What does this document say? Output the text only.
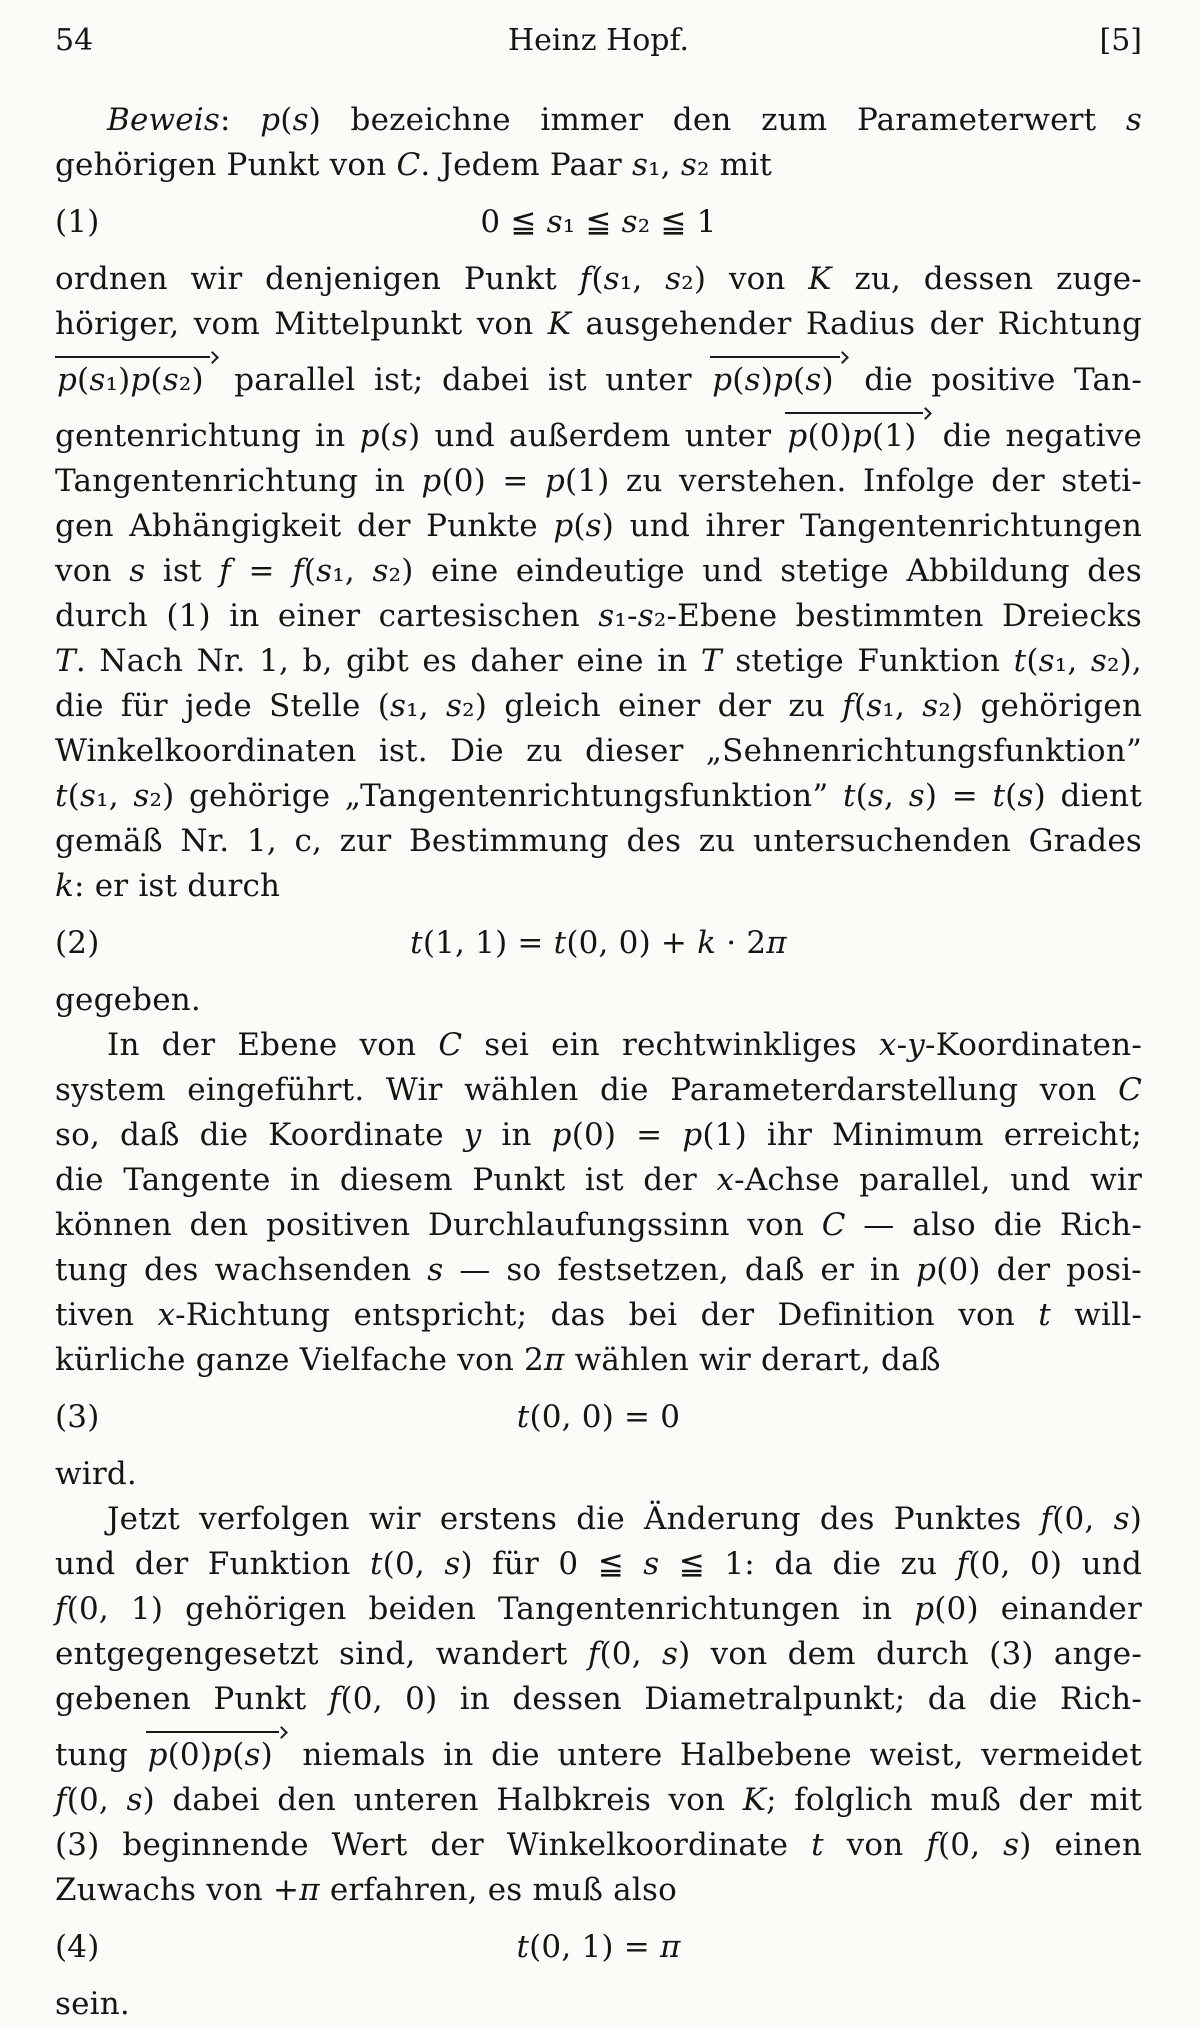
54	Heinz Hopf.	[5]
Beweis: p(s) bezeichne immer den zum Parameterwert s
gehörigen Punkt von C. Jedem Paar s₁, s₂ mit
(1)	0 ≦ s₁ ≦ s₂ ≦ 1
ordnen wir denjenigen Punkt f(s₁, s₂) von K zu, dessen zuge-
höriger, vom Mittelpunkt von K ausgehender Radius der Richtung
p(s₁)p(s₂) parallel ist; dabei ist unter p(s)p(s) die positive Tan-
gentenrichtung in p(s) und außerdem unter p(0)p(1) die negative
Tangentenrichtung in p(0) = p(1) zu verstehen. Infolge der steti-
gen Abhängigkeit der Punkte p(s) und ihrer Tangentenrichtungen
von s ist f = f(s₁, s₂) eine eindeutige und stetige Abbildung des
durch (1) in einer cartesischen s₁-s₂-Ebene bestimmten Dreiecks
T. Nach Nr. 1, b, gibt es daher eine in T stetige Funktion t(s₁, s₂),
die für jede Stelle (s₁, s₂) gleich einer der zu f(s₁, s₂) gehörigen
Winkelkoordinaten ist. Die zu dieser „Sehnenrichtungsfunktion”
t(s₁, s₂) gehörige „Tangentenrichtungsfunktion” t(s, s) = t(s) dient
gemäß Nr. 1, c, zur Bestimmung des zu untersuchenden Grades
k: er ist durch
(2)	t(1, 1) = t(0, 0) + k · 2π
gegeben.
In der Ebene von C sei ein rechtwinkliges x-y-Koordinaten-
system eingeführt. Wir wählen die Parameterdarstellung von C
so, daß die Koordinate y in p(0) = p(1) ihr Minimum erreicht;
die Tangente in diesem Punkt ist der x-Achse parallel, und wir
können den positiven Durchlaufungssinn von C — also die Rich-
tung des wachsenden s — so festsetzen, daß er in p(0) der posi-
tiven x-Richtung entspricht; das bei der Definition von t will-
kürliche ganze Vielfache von 2π wählen wir derart, daß
(3)	t(0, 0) = 0
wird.
Jetzt verfolgen wir erstens die Änderung des Punktes f(0, s)
und der Funktion t(0, s) für 0 ≦ s ≦ 1: da die zu f(0, 0) und
f(0, 1) gehörigen beiden Tangentenrichtungen in p(0) einander
entgegengesetzt sind, wandert f(0, s) von dem durch (3) ange-
gebenen Punkt f(0, 0) in dessen Diametralpunkt; da die Rich-
tung p(0)p(s) niemals in die untere Halbebene weist, vermeidet
f(0, s) dabei den unteren Halbkreis von K; folglich muß der mit
(3) beginnende Wert der Winkelkoordinate t von f(0, s) einen
Zuwachs von +π erfahren, es muß also
(4)	t(0, 1) = π
sein.
